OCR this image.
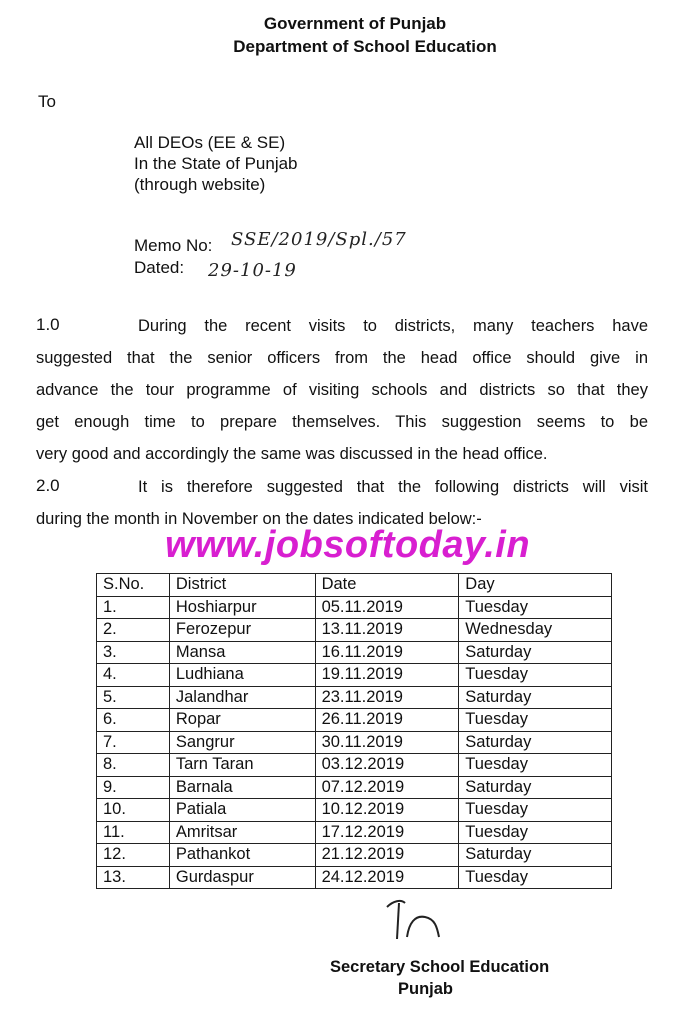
Government of Punjab
Department of School Education
To
All DEOs (EE & SE)
In the State of Punjab
(through website)
Memo No: SSE/2019/Spl./57
Dated: 29-10-19
1.0	During the recent visits to districts, many teachers have
suggested that the senior officers from the head office should give in
advance the tour programme of visiting schools and districts so that they
get enough time to prepare themselves. This suggestion seems to be
very good and accordingly the same was discussed in the head office.
2.0	It is therefore suggested that the following districts will visit
during the month in November on the dates indicated below:-
www.jobsoftoday.in
S.No.	District	Date	Day
1.	Hoshiarpur	05.11.2019	Tuesday
2.	Ferozepur	13.11.2019	Wednesday
3.	Mansa	16.11.2019	Saturday
4.	Ludhiana	19.11.2019	Tuesday
5.	Jalandhar	23.11.2019	Saturday
6.	Ropar	26.11.2019	Tuesday
7.	Sangrur	30.11.2019	Saturday
8.	Tarn Taran	03.12.2019	Tuesday
9.	Barnala	07.12.2019	Saturday
10.	Patiala	10.12.2019	Tuesday
11.	Amritsar	17.12.2019	Tuesday
12.	Pathankot	21.12.2019	Saturday
13.	Gurdaspur	24.12.2019	Tuesday
Secretary School Education
Punjab
